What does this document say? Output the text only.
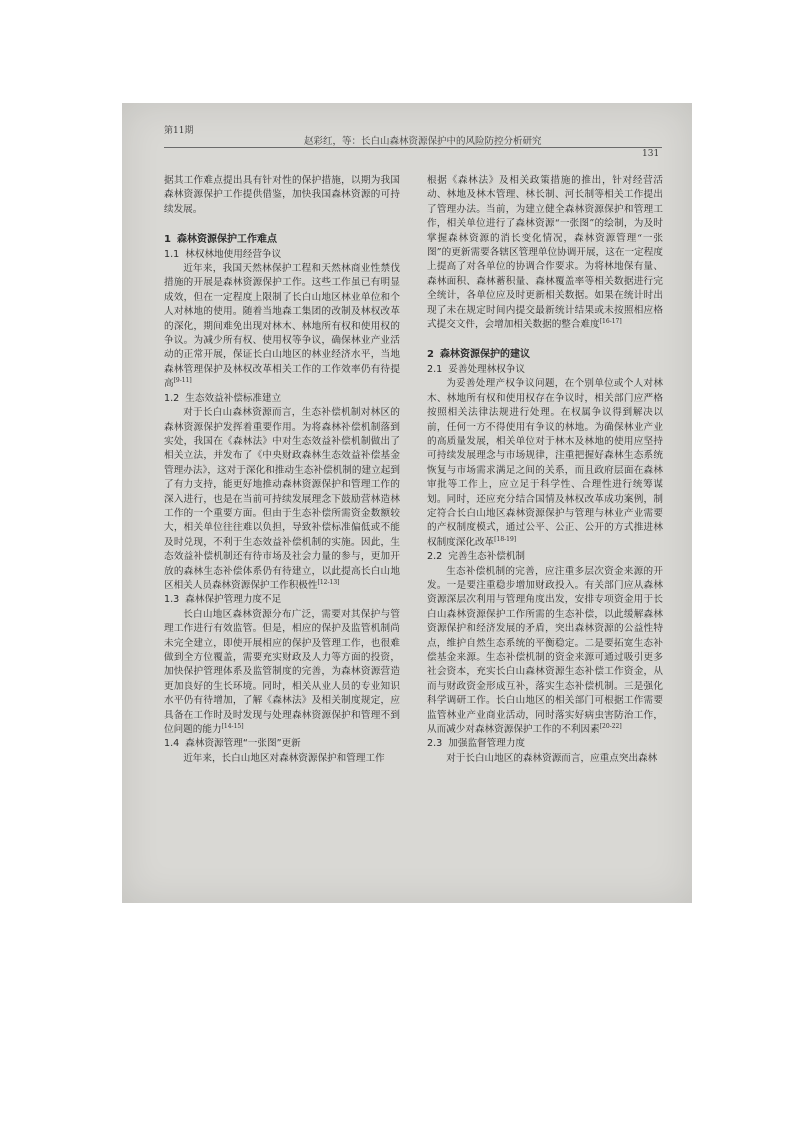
第11期
赵彩红，等：长白山森林资源保护中的风险防控分析研究
131

据其工作难点提出具有针对性的保护措施，以期为我国森林资源保护工作提供借鉴，加快我国森林资源的可持续发展。

1 森林资源保护工作难点
1.1 林权林地使用经营争议

近年来，我国天然林保护工程和天然林商业性禁伐措施的开展是森林资源保护工作。这些工作虽已有明显成效，但在一定程度上限制了长白山地区林业单位和个人对林地的使用。随着当地森工集团的改制及林权改革的深化，期间难免出现对林木、林地所有权和使用权的争议。为减少所有权、使用权等争议，确保林业产业活动的正常开展，保证长白山地区的林业经济水平，当地森林管理保护及林权改革相关工作的工作效率仍有待提高[9-11]

1.2 生态效益补偿标准建立

对于长白山森林资源而言，生态补偿机制对林区的森林资源保护发挥着重要作用。为将森林补偿机制落到实处，我国在《森林法》中对生态效益补偿机制做出了相关立法，并发布了《中央财政森林生态效益补偿基金管理办法》，这对于深化和推动生态补偿机制的建立起到了有力支持，能更好地推动森林资源保护和管理工作的深入进行，也是在当前可持续发展理念下鼓励营林造林工作的一个重要方面。但由于生态补偿所需资金数额较大，相关单位往往难以负担，导致补偿标准偏低或不能及时兑现，不利于生态效益补偿机制的实施。因此，生态效益补偿机制还有待市场及社会力量的参与，更加开放的森林生态补偿体系仍有待建立，以此提高长白山地区相关人员森林资源保护工作积极性[12-13]

1.3 森林保护管理力度不足

长白山地区森林资源分布广泛，需要对其保护与管理工作进行有效监管。但是，相应的保护及监管机制尚未完全建立，即使开展相应的保护及管理工作，也很难做到全方位覆盖，需要充实财政及人力等方面的投资，加快保护管理体系及监管制度的完善，为森林资源营造更加良好的生长环境。同时，相关从业人员的专业知识水平仍有待增加，了解《森林法》及相关制度规定，应具备在工作时及时发现与处理森林资源保护和管理不到位问题的能力[14-15]

1.4 森林资源管理“一张图”更新

近年来，长白山地区对森林资源保护和管理工作

根据《森林法》及相关政策措施的推出，针对经营活动、林地及林木管理、林长制、河长制等相关工作提出了管理办法。当前，为建立健全森林资源保护和管理工作，相关单位进行了森林资源“一张图”的绘制，为及时掌握森林资源的消长变化情况，森林资源管理“一张图”的更新需要各辖区管理单位协调开展，这在一定程度上提高了对各单位的协调合作要求。为将林地保有量、森林面积、森林蓄积量、森林覆盖率等相关数据进行完全统计，各单位应及时更新相关数据。如果在统计时出现了未在规定时间内提交最新统计结果或未按照相应格式提交文件，会增加相关数据的整合难度[16-17]

2 森林资源保护的建议
2.1 妥善处理林权争议

为妥善处理产权争议问题，在个别单位或个人对林木、林地所有权和使用权存在争议时，相关部门应严格按照相关法律法规进行处理。在权属争议得到解决以前，任何一方不得使用有争议的林地。为确保林业产业的高质量发展，相关单位对于林木及林地的使用应坚持可持续发展理念与市场规律，注重把握好森林生态系统恢复与市场需求满足之间的关系，而且政府层面在森林审批等工作上，应立足于科学性、合理性进行统筹谋划。同时，还应充分结合国情及林权改革成功案例，制定符合长白山地区森林资源保护与管理与林业产业需要的产权制度模式，通过公平、公正、公开的方式推进林权制度深化改革[18-19]

2.2 完善生态补偿机制

生态补偿机制的完善，应注重多层次资金来源的开发。一是要注重稳步增加财政投入。有关部门应从森林资源深层次利用与管理角度出发，安排专项资金用于长白山森林资源保护工作所需的生态补偿，以此缓解森林资源保护和经济发展的矛盾，突出森林资源的公益性特点，维护自然生态系统的平衡稳定。二是要拓宽生态补偿基金来源。生态补偿机制的资金来源可通过吸引更多社会资本，充实长白山森林资源生态补偿工作资金，从而与财政资金形成互补，落实生态补偿机制。三是强化科学调研工作。长白山地区的相关部门可根据工作需要监管林业产业商业活动，同时落实好病虫害防治工作，从而减少对森林资源保护工作的不利因素[20-22]

2.3 加强监督管理力度

对于长白山地区的森林资源而言，应重点突出森林
